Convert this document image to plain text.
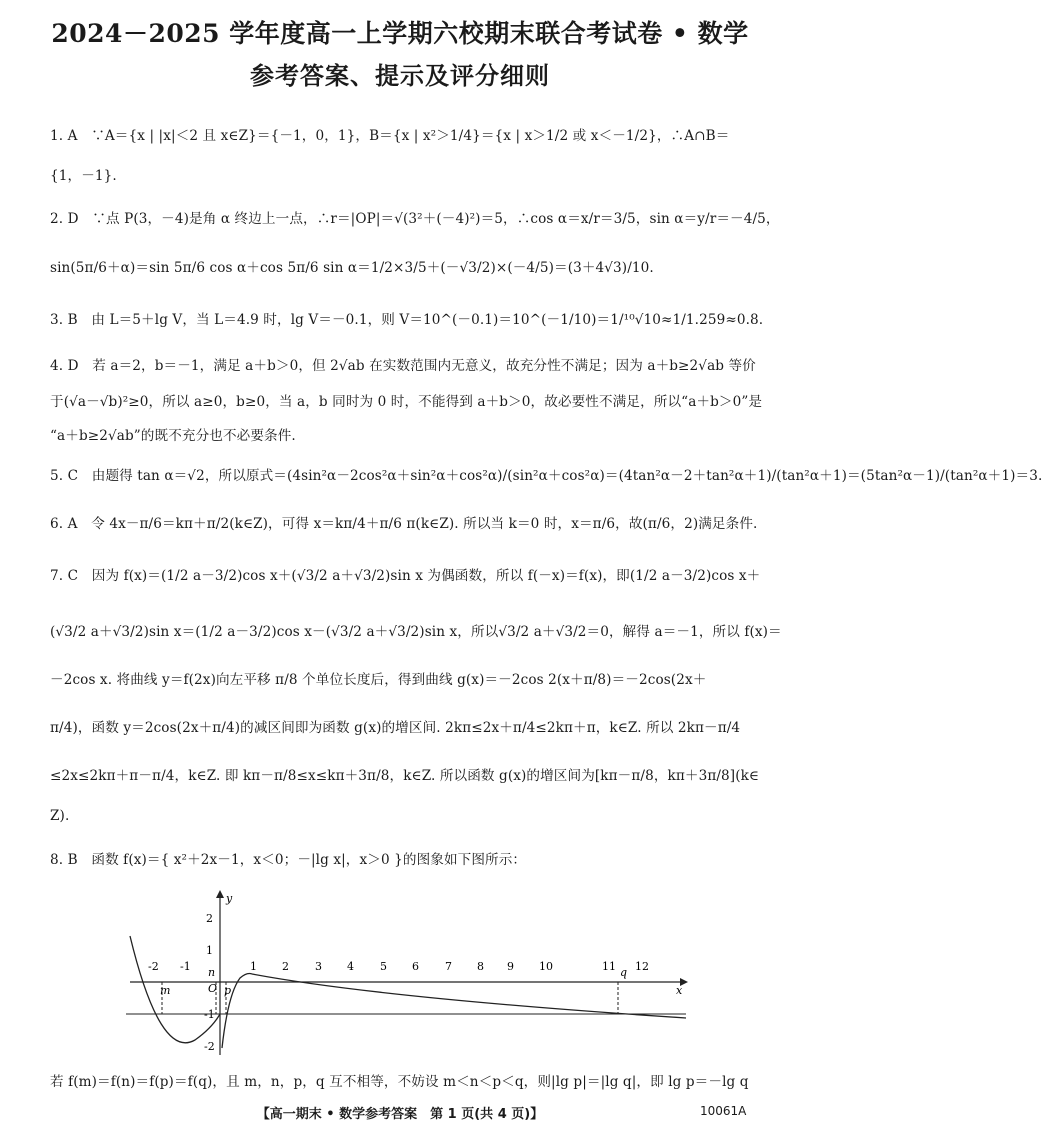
2024－2025 学年度高一上学期六校期末联合考试卷 • 数学
参考答案、提示及评分细则
1. A　∵A＝{x | |x|＜2 且 x∈Z}＝{－1，0，1}，B＝{x | x²＞1/4}＝{x | x＞1/2 或 x＜－1/2}，∴A∩B＝
{1，－1}.
2. D　∵点 P(3，－4)是角 α 终边上一点，∴r＝|OP|＝√(3²＋(－4)²)＝5，∴cos α＝x/r＝3/5，sin α＝y/r＝－4/5，
sin(5π/6＋α)＝sin 5π/6 cos α＋cos 5π/6 sin α＝1/2×3/5＋(－√3/2)×(－4/5)＝(3＋4√3)/10.
3. B　由 L＝5＋lg V，当 L＝4.9 时，lg V＝－0.1，则 V＝10^(－0.1)＝10^(－1/10)＝1/¹⁰√10≈1/1.259≈0.8.
4. D　若 a＝2，b＝－1，满足 a＋b＞0，但 2√ab 在实数范围内无意义，故充分性不满足；因为 a＋b≥2√ab 等价
于(√a－√b)²≥0，所以 a≥0，b≥0，当 a，b 同时为 0 时，不能得到 a＋b＞0，故必要性不满足，所以“a＋b＞0”是
“a＋b≥2√ab”的既不充分也不必要条件.
5. C　由题得 tan α＝√2，所以原式＝(4sin²α－2cos²α＋sin²α＋cos²α)/(sin²α＋cos²α)＝(4tan²α－2＋tan²α＋1)/(tan²α＋1)＝(5tan²α－1)/(tan²α＋1)＝3.
6. A　令 4x－π/6＝kπ＋π/2(k∈Z)，可得 x＝kπ/4＋π/6 π(k∈Z). 所以当 k＝0 时，x＝π/6，故(π/6，2)满足条件.
7. C　因为 f(x)＝(1/2 a－3/2)cos x＋(√3/2 a＋√3/2)sin x 为偶函数，所以 f(－x)＝f(x)，即(1/2 a－3/2)cos x＋
(√3/2 a＋√3/2)sin x＝(1/2 a－3/2)cos x－(√3/2 a＋√3/2)sin x，所以√3/2 a＋√3/2＝0，解得 a＝－1，所以 f(x)＝
－2cos x. 将曲线 y＝f(2x)向左平移 π/8 个单位长度后，得到曲线 g(x)＝－2cos 2(x＋π/8)＝－2cos(2x＋
π/4)，函数 y＝2cos(2x＋π/4)的减区间即为函数 g(x)的增区间. 2kπ≤2x＋π/4≤2kπ＋π，k∈Z. 所以 2kπ－π/4
≤2x≤2kπ＋π－π/4，k∈Z. 即 kπ－π/8≤x≤kπ＋3π/8，k∈Z. 所以函数 g(x)的增区间为[kπ－π/8，kπ＋3π/8](k∈
Z).
8. B　函数 f(x)＝{ x²＋2x－1，x＜0；－|lg x|，x＞0 }的图象如下图所示：
x
y
O
2
1
-1
-2
-2 -1	1 2 3 4 5 6 7 8 9 10	11 12
m
n
p
q
若 f(m)＝f(n)＝f(p)＝f(q)，且 m，n，p，q 互不相等，不妨设 m＜n＜p＜q，则|lg p|＝|lg q|，即 lg p＝－lg q
【高一期末 • 数学参考答案　第 1 页(共 4 页)】	10061A
